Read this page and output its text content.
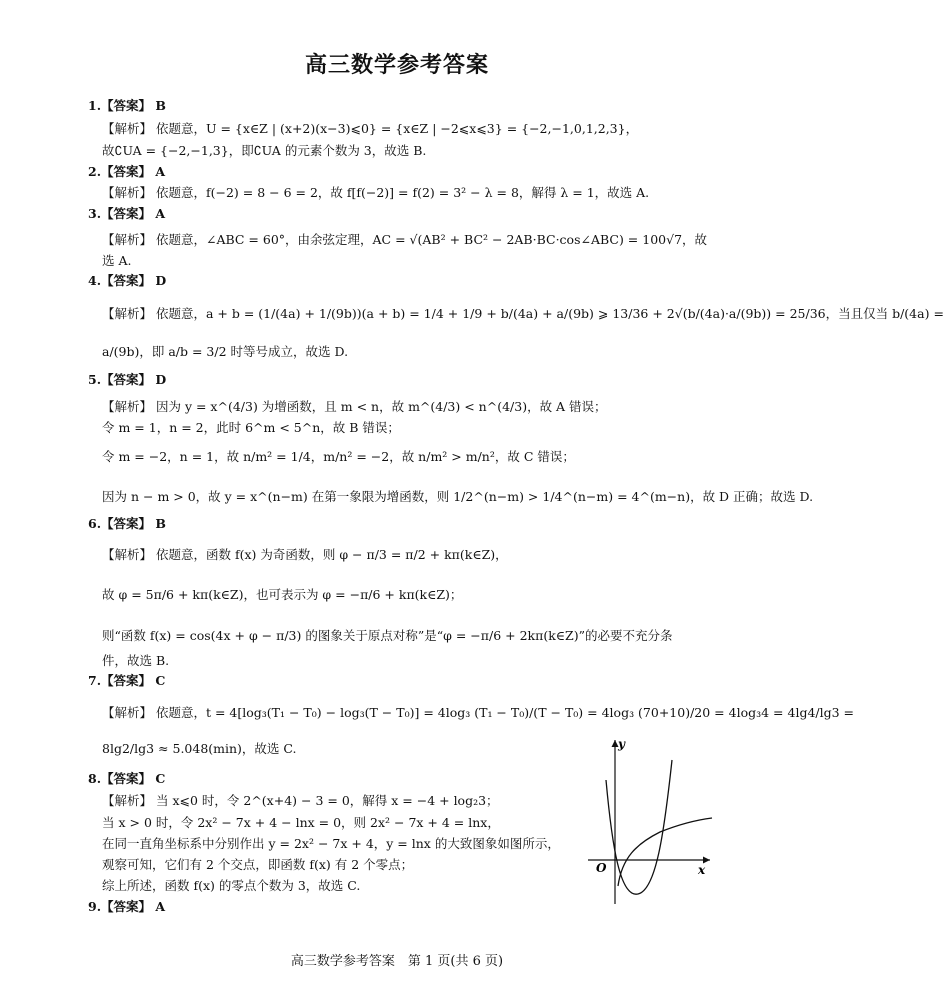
高三数学参考答案
1.【答案】 B
【解析】 依题意，U = {x∈Z | (x+2)(x−3)⩽0} = {x∈Z | −2⩽x⩽3} = {−2,−1,0,1,2,3}，
故∁UA = {−2,−1,3}，即∁UA 的元素个数为 3，故选 B.
2.【答案】 A
【解析】 依题意，f(−2) = 8 − 6 = 2，故 f[f(−2)] = f(2) = 3² − λ = 8，解得 λ = 1，故选 A.
3.【答案】 A
【解析】 依题意，∠ABC = 60°，由余弦定理，AC = √(AB² + BC² − 2AB·BC·cos∠ABC) = 100√7，故
选 A.
4.【答案】 D
【解析】 依题意，a + b = (1/(4a) + 1/(9b))(a + b) = 1/4 + 1/9 + b/(4a) + a/(9b) ⩾ 13/36 + 2√(b/(4a)·a/(9b)) = 25/36，当且仅当 b/(4a) =
a/(9b)，即 a/b = 3/2 时等号成立，故选 D.
5.【答案】 D
【解析】 因为 y = x^(4/3) 为增函数，且 m < n，故 m^(4/3) < n^(4/3)，故 A 错误；
令 m = 1，n = 2，此时 6^m < 5^n，故 B 错误；
令 m = −2，n = 1，故 n/m² = 1/4，m/n² = −2，故 n/m² > m/n²，故 C 错误；
因为 n − m > 0，故 y = x^(n−m) 在第一象限为增函数，则 1/2^(n−m) > 1/4^(n−m) = 4^(m−n)，故 D 正确；故选 D.
6.【答案】 B
【解析】 依题意，函数 f(x) 为奇函数，则 φ − π/3 = π/2 + kπ(k∈Z)，
故 φ = 5π/6 + kπ(k∈Z)，也可表示为 φ = −π/6 + kπ(k∈Z)；
则“函数 f(x) = cos(4x + φ − π/3) 的图象关于原点对称”是“φ = −π/6 + 2kπ(k∈Z)”的必要不充分条
件，故选 B.
7.【答案】 C
【解析】 依题意，t = 4[log₃(T₁ − T₀) − log₃(T − T₀)] = 4log₃ (T₁ − T₀)/(T − T₀) = 4log₃ (70+10)/20 = 4log₃4 = 4lg4/lg3 =
8lg2/lg3 ≈ 5.048(min)，故选 C.
8.【答案】 C
【解析】 当 x⩽0 时，令 2^(x+4) − 3 = 0，解得 x = −4 + log₂3；
当 x > 0 时，令 2x² − 7x + 4 − lnx = 0，则 2x² − 7x + 4 = lnx，
在同一直角坐标系中分别作出 y = 2x² − 7x + 4，y = lnx 的大致图象如图所示，
观察可知，它们有 2 个交点，即函数 f(x) 有 2 个零点；
综上所述，函数 f(x) 的零点个数为 3，故选 C.
9.【答案】 A
y
x
O
高三数学参考答案　第 1 页(共 6 页)
